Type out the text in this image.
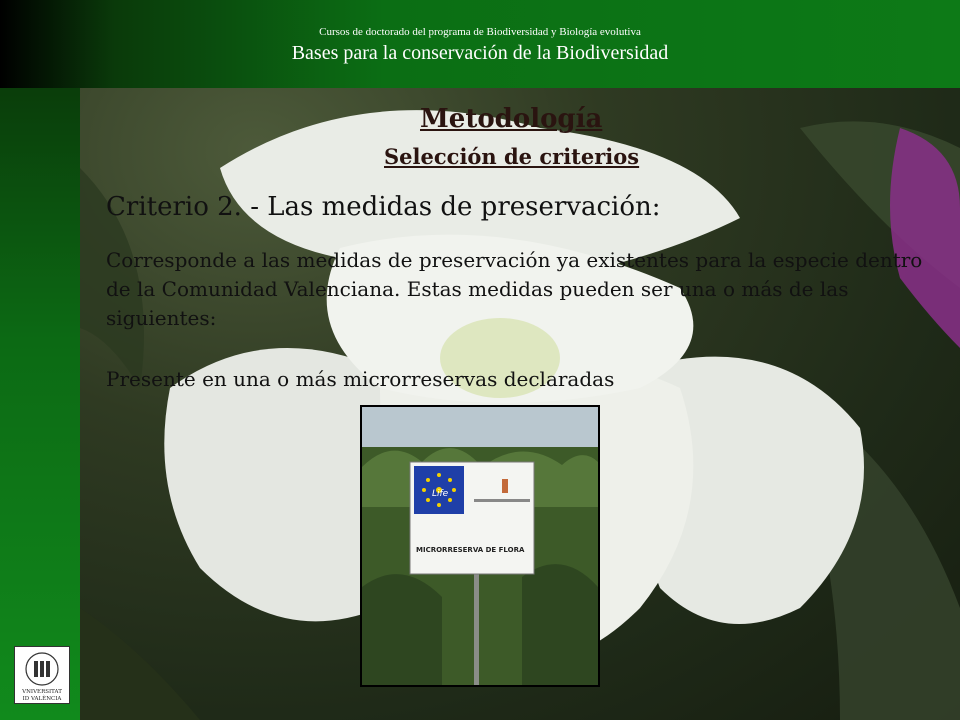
Cursos de doctorado del programa de Biodiversidad y Biología evolutiva
Bases para la conservación de la Biodiversidad
Metodología
Selección de criterios
Criterio 2. - Las medidas de preservación:
Corresponde a las medidas de preservación ya existentes para la especie dentro de la Comunidad Valenciana. Estas medidas pueden ser una o más de las siguientes:
Presente en una o más microrreservas declaradas
Life
MICRORRESERVA DE FLORA
VNIVERSITAT
ID VALÈNCIA
